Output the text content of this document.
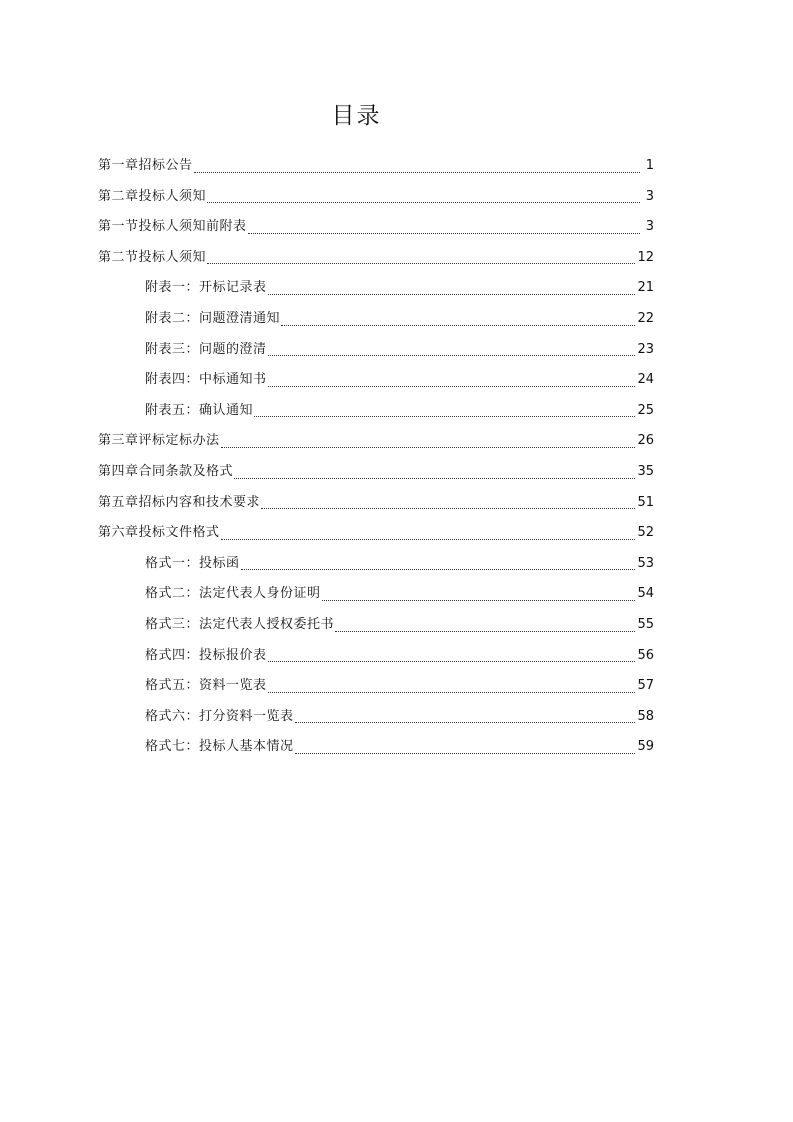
目录
第一章招标公告	1
第二章投标人须知	3
第一节投标人须知前附表	3
第二节投标人须知	12
附表一：开标记录表	21
附表二：问题澄清通知	22
附表三：问题的澄清	23
附表四：中标通知书	24
附表五：确认通知	25
第三章评标定标办法	26
第四章合同条款及格式	35
第五章招标内容和技术要求	51
第六章投标文件格式	52
格式一：投标函	53
格式二：法定代表人身份证明	54
格式三：法定代表人授权委托书	55
格式四：投标报价表	56
格式五：资料一览表	57
格式六：打分资料一览表	58
格式七：投标人基本情况	59
